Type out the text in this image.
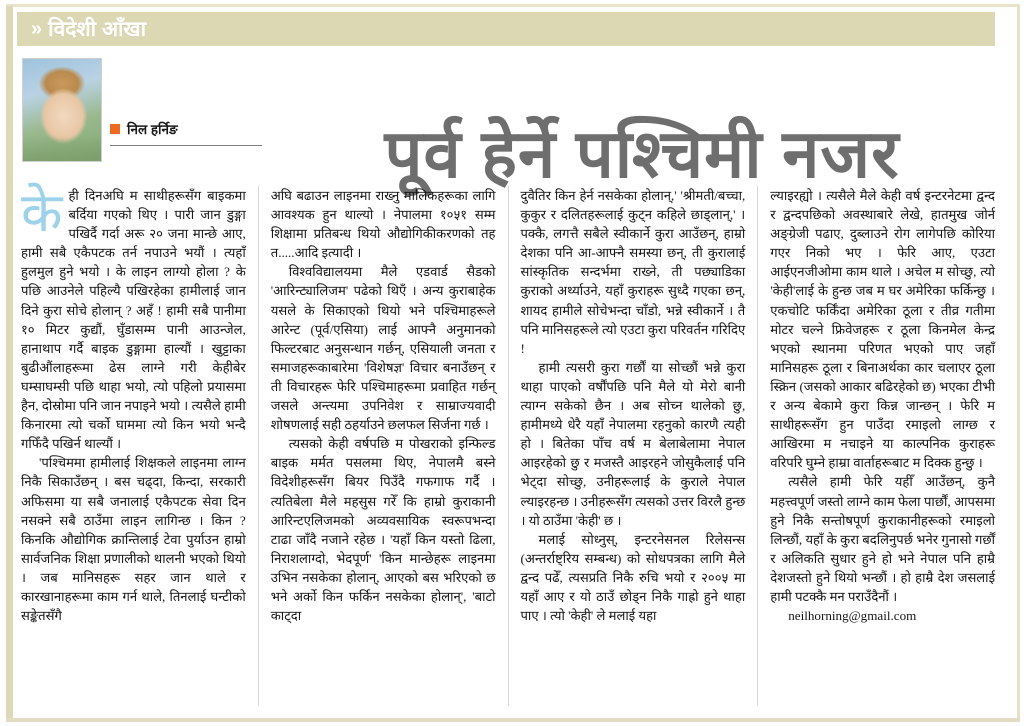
» विदेशी आँखा
निल हर्निङ	पूर्व हेर्ने पश्चिमी नजर

केही दिनअघि म साथीहरूसँग बाइकमा बर्दिया गएको थिए । पारी जान डुङ्गा पखिर्दै गर्दा अरू २० जना मान्छे आए, हामी सबै एकैपटक तर्न नपाउने भयौं । त्यहाँ हुलमुल हुने भयो । के लाइन लाग्यो होला ? के पछि आउनेले पहिल्यै पखिरहेका हामीलाई जान दिने कुरा सोचे होलान् ? अहँ ! हामी सबै पानीमा १० मिटर कुद्यौं, घुँडासम्म पानी आउन्जेल, हानाथाप गर्दै बाइक डुङ्गामा हाल्यौं । खुट्टाका बुढीऔंलाहरूमा ढेस लाग्ने गरी केहीबेर घम्साघम्सी पछि थाहा भयो, त्यो पहिलो प्रयासमा हैन, दोस्रोमा पनि जान नपाइने भयो । त्यसैले हामी किनारमा त्यो चर्को घाममा त्यो किन भयो भन्दै गफिँदै पखिर्न थाल्यौं ।

'पश्चिममा हामीलाई शिक्षकले लाइनमा लाग्न निकै सिकाउँछन् । बस चढ्दा, किन्दा, सरकारी अफिसमा या सबै जनालाई एकैपटक सेवा दिन नसक्ने सबै ठाउँमा लाइन लागिन्छ । किन ? किनकि औद्योगिक क्रान्तिलाई टेवा पुर्याउन हाम्रो सार्वजनिक शिक्षा प्रणालीको थालनी भएको थियो । जब मानिसहरू सहर जान थाले र कारखानाहरूमा काम गर्न थाले, तिनलाई घन्टीको सङ्केतसँगै

अघि बढाउन लाइनमा राख्नु मालिकहरूका लागि आवश्यक हुन थाल्यो । नेपालमा १०५१ सम्म शिक्षामा प्रतिबन्ध थियो औद्योगिकीकरणको तह त.....आदि इत्यादी ।

विश्वविद्यालयमा मैले एडवार्ड सैडको 'आरिन्ट्यालिजम' पढेको थिएँ । अन्य कुराबाहेक यसले के सिकाएको थियो भने पश्चिमाहरूले आरेन्ट (पूर्व​/एसिया) लाई आफ्नै अनुमानको फिल्टरबाट अनुसन्धान गर्छन्, एसियाली जनता र समाजहरूकाबारेमा 'विशेषज्ञ' विचार बनाउँछन् र ती विचारहरू फेरि पश्चिमाहरूमा प्रवाहित गर्छन् जसले अन्त्यमा उपनिवेश र साम्राज्यवादी शोषणलाई सही ठहर्याउने छलफल सिर्जना गर्छ ।

त्यसको केही वर्षपछि म पोखराको इन्फिल्ड बाइक मर्मत पसलमा थिए, नेपालमै बस्ने विदेशीहरूसँग बियर पिउँदै गफगाफ गर्दै । त्यतिबेला मैले महसुस गरेँ कि हाम्रो कुराकानी आरिन्टएलिजमको अव्यवसायिक स्वरूपभन्दा टाढा जाँदै नजाने रहेछ । 'यहाँ किन यस्तो ढिला, निराशलाग्दो, भेदपूर्ण' 'किन मान्छेहरू लाइनमा उभिन नसकेका होलान्, आएको बस भरिएको छ भने अर्को किन फर्किन नसकेका होलान्', 'बाटो काट्दा

दुवैतिर किन हेर्न नसकेका होलान्,' 'श्रीमती​/बच्चा, कुकुर र दलितहरूलाई कुट्न कहिले छाड्लान्,' । पक्कै, लगत्तै सबैले स्वीकार्ने कुरा आउँछन्, हाम्रो देशका पनि आ-आफ्नै समस्या छन्, ती कुरालाई सांस्कृतिक सन्दर्भमा राख्ने, ती पछ्याडिका कुराको अर्थ्याउने, यहाँ कुराहरू सुध्दै गएका छन्, शायद हामीले सोचेभन्दा चाँडो, भन्ने स्वीकार्ने । तै पनि मानिसहरूले त्यो एउटा कुरा परिवर्तन गरिदिए !

हामी त्यसरी कुरा गर्छौं या सोच्छौं भन्ने कुरा थाहा पाएको वर्षौंपछि पनि मैले यो मेरो बानी त्याग्न सकेको छैन । अब सोच्न थालेको छु, हामीमध्ये धेरै यहाँ नेपालमा रहनुको कारणै त्यही हो । बितेका पाँच वर्ष म बेलाबेलामा नेपाल आइरहेको छु र मजस्तै आइरहने जोसुकैलाई पनि भेट्दा सोच्छु, उनीहरूलाई के कुराले नेपाल ल्याइरहन्छ । उनीहरूसँग त्यसको उत्तर विरलै हुन्छ । यो ठाउँमा 'केही' छ ।

मलाई सोध्नुस्, इन्टरनेसनल रिलेसन्स (अन्तर्राष्ट्रिय सम्बन्ध) को सोधपत्रका लागि मैले द्वन्द पढेँ, त्यसप्रति निकै रुचि भयो र २००५ मा यहाँ आए र यो ठाउँ छोड्न निकै गाह्रो हुने थाहा पाए । त्यो 'केही' ले मलाई यहा

ल्याइरह्यो । त्यसैले मैले केही वर्ष इन्टरनेटमा द्वन्द र द्वन्दपछिको अवस्थाबारे लेखे, हातमुख जोर्न अङ्ग्रेजी पढाए, दुब्लाउने रोग लागेपछि कोरिया गएर निको भए । फेरि आए, एउटा आईएनजीओमा काम थाले । अचेल म सोच्छु, त्यो 'केही'लाई के हुन्छ जब म घर अमेरिका फर्किन्छु । एकचोटि फर्किँदा अमेरिका ठूला र तीव्र गतीमा मोटर चल्ने फ्रिवेजहरू र ठूला किनमेल केन्द्र भएको स्थानमा परिणत भएको पाए जहाँ मानिसहरू ठूला र बिनाअर्थका कार चलाएर ठूला स्क्रिन (जसको आकार बढिरहेको छ) भएका टीभी र अन्य बेकामे कुरा किन्न जान्छन् । फेरि म साथीहरूसँग हुन पाउँदा रमाइलो लाग्छ र आखिरमा म नचाइने या काल्पनिक कुराहरू वरिपरि घुम्ने हाम्रा वार्ताहरूबाट म दिक्क हुन्छु ।

त्यसैले हामी फेरि यहीँ आउँछन्, कुनै महत्त्वपूर्ण जस्तो लाग्ने काम फेला पार्छौं, आपसमा हुने निकै सन्तोषपूर्ण कुराकानीहरूको रमाइलो लिन्छौं, यहाँ के कुरा बदलिनुपर्छ भनेर गुनासो गर्छौं र अलिकति सुधार हुने हो भने नेपाल पनि हाम्रै देशजस्तो हुने थियो भन्छौं । हो हाम्रै देश जसलाई हामी पटक्कै मन पराउँदैनौं ।

neilhorning@gmail.com
